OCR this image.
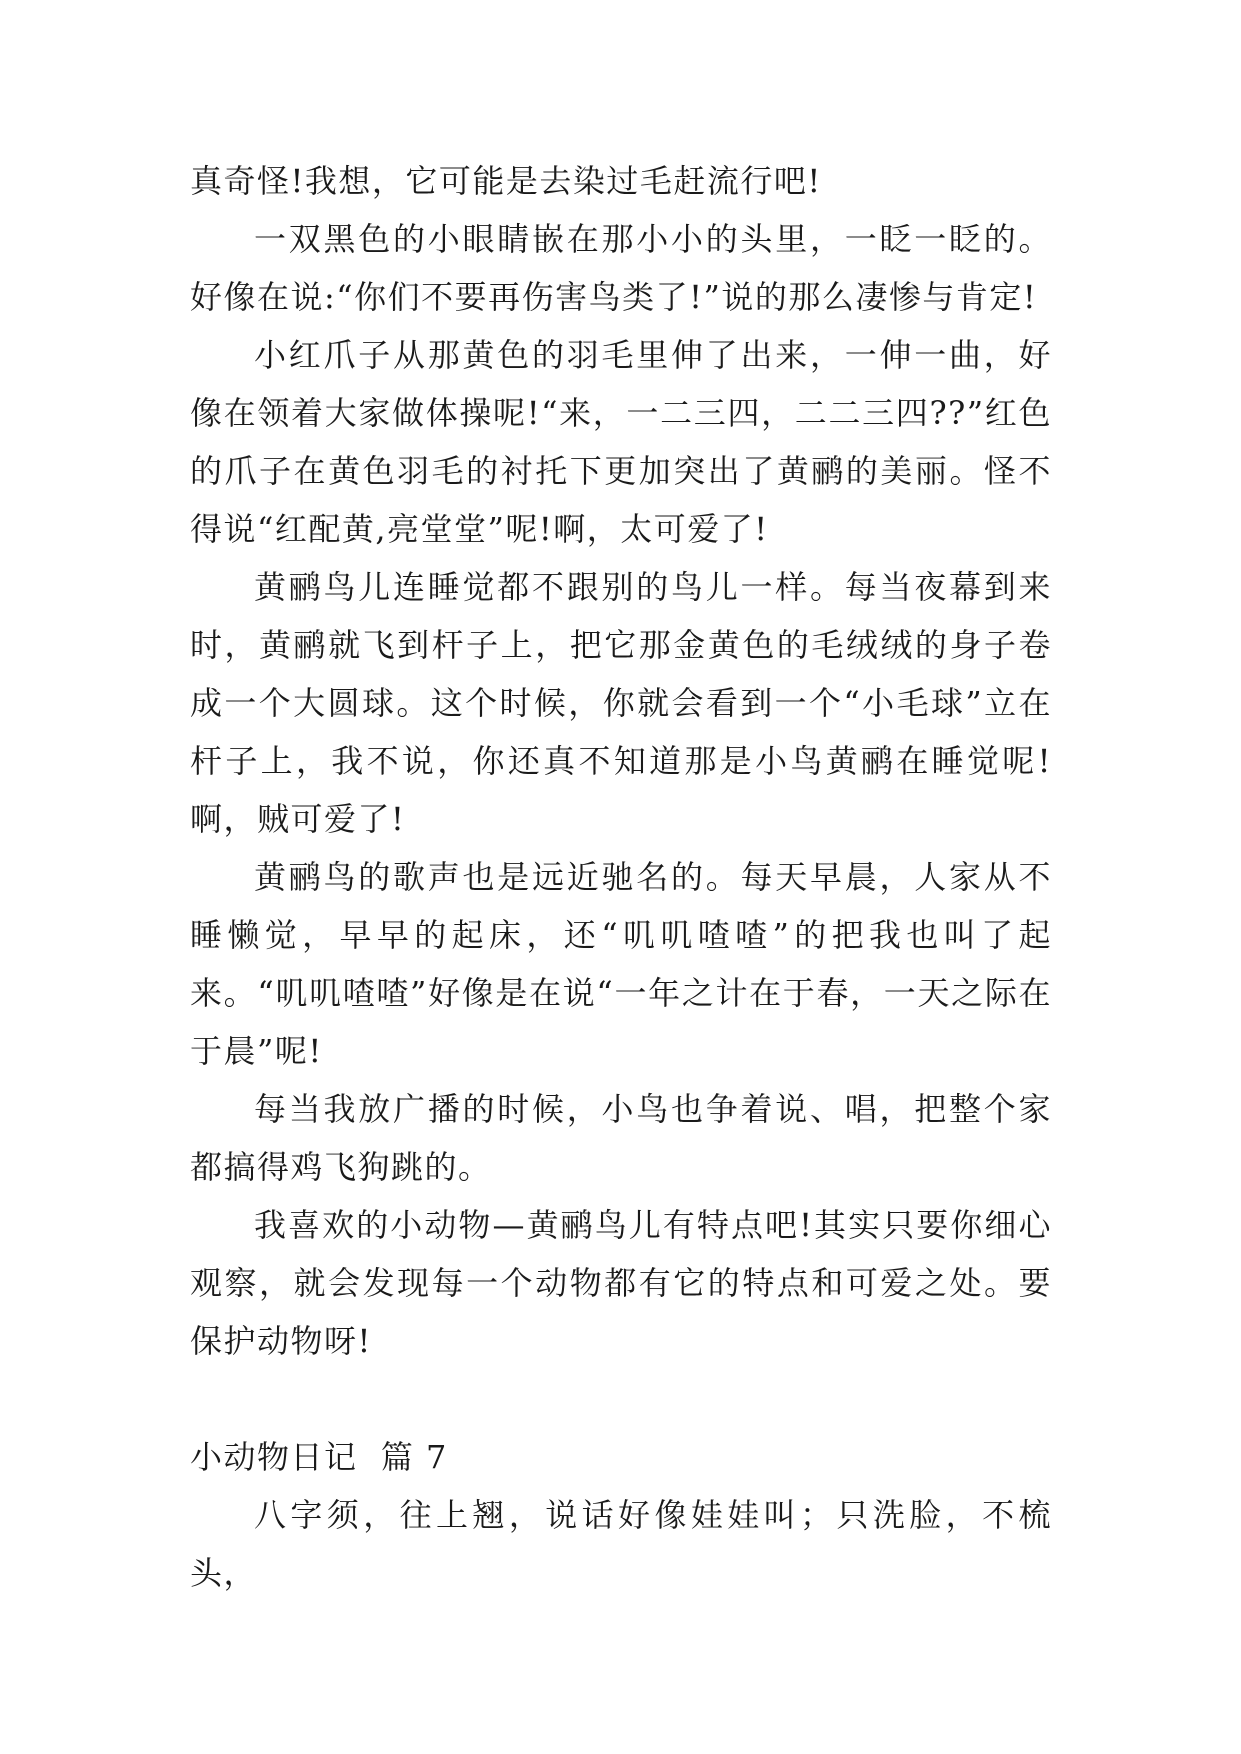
真奇怪!我想，它可能是去染过毛赶流行吧!

一双黑色的小眼睛嵌在那小小的头里，一眨一眨的。好像在说:“你们不要再伤害鸟类了!”说的那么凄惨与肯定!

小红爪子从那黄色的羽毛里伸了出来，一伸一曲，好像在领着大家做体操呢!“来，一二三四，二二三四??”红色的爪子在黄色羽毛的衬托下更加突出了黄鹂的美丽。怪不得说“红配黄,亮堂堂”呢!啊，太可爱了!

黄鹂鸟儿连睡觉都不跟别的鸟儿一样。每当夜幕到来时，黄鹂就飞到杆子上，把它那金黄色的毛绒绒的身子卷成一个大圆球。这个时候，你就会看到一个“小毛球”立在杆子上，我不说，你还真不知道那是小鸟黄鹂在睡觉呢!啊，贼可爱了!

黄鹂鸟的歌声也是远近驰名的。每天早晨，人家从不睡懒觉，早早的起床，还“叽叽喳喳”的把我也叫了起来。“叽叽喳喳”好像是在说“一年之计在于春，一天之际在于晨”呢!

每当我放广播的时候，小鸟也争着说、唱，把整个家都搞得鸡飞狗跳的。

我喜欢的小动物—黄鹂鸟儿有特点吧!其实只要你细心观察，就会发现每一个动物都有它的特点和可爱之处。要保护动物呀!

小动物日记  篇 7

八字须，往上翘，说话好像娃娃叫；只洗脸，不梳头，
